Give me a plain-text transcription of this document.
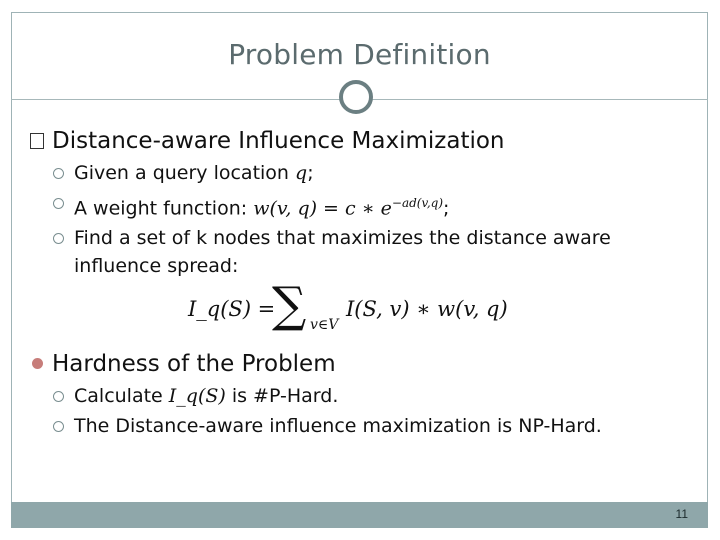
Problem Definition

Distance-aware Influence Maximization

Given a query location q;

A weight function: w(v, q) = c ∗ $e^{-ad(v,q)}$;

Find a set of k nodes that maximizes the distance aware

influence spread:

I_q(S) =
∑ v∈V
I(S, v) ∗ w(v, q)

Hardness of the Problem

Calculate I_q(S) is #P-Hard.

The Distance-aware influence maximization is NP-Hard.

11
